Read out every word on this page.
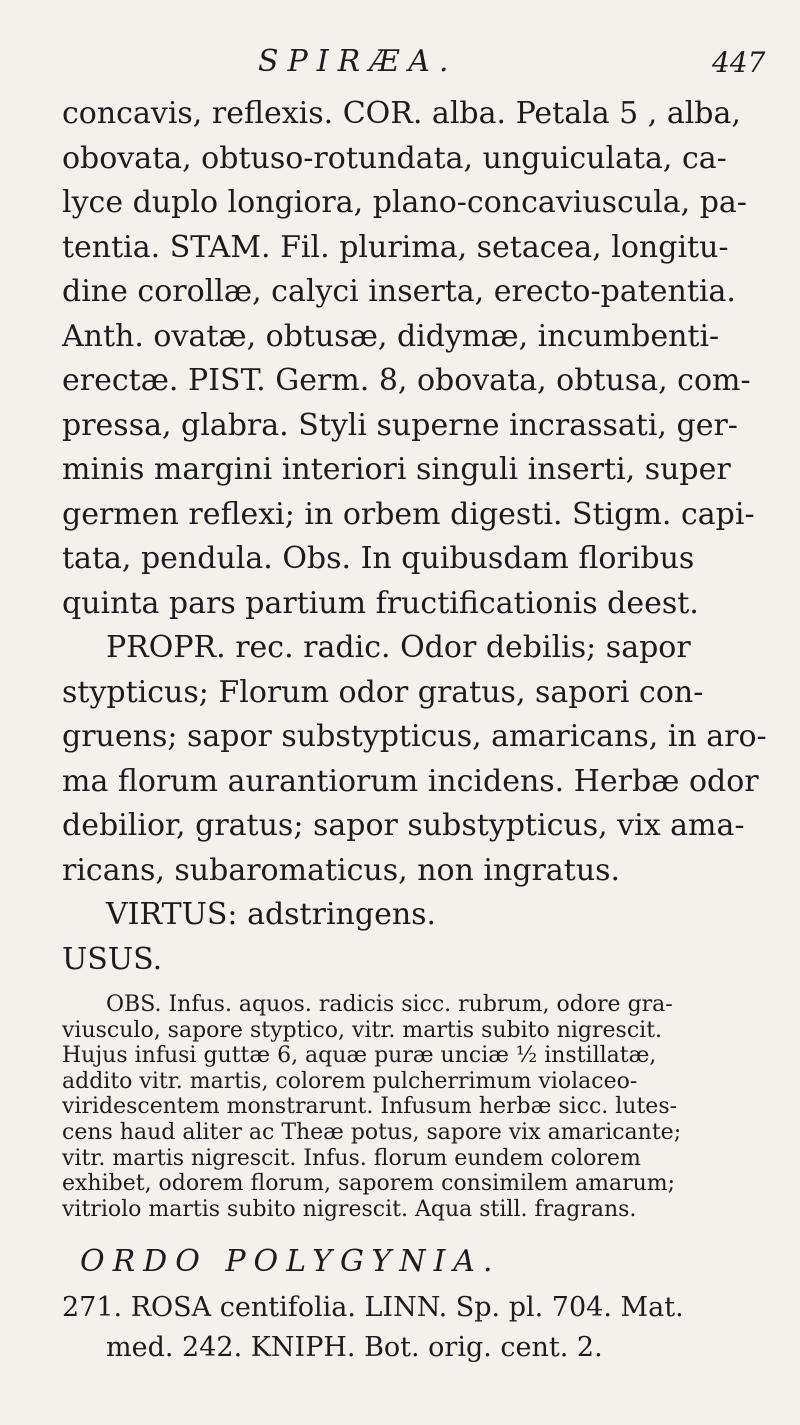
SPIRÆA.	447
concavis, reflexis. COR. alba. Petala 5 , alba,
obovata, obtuso-rotundata, unguiculata, ca-
lyce duplo longiora, plano-concaviuscula, pa-
tentia. STAM. Fil. plurima, setacea, longitu-
dine corollæ, calyci inserta, erecto-patentia.
Anth. ovatæ, obtusæ, didymæ, incumbenti-
erectæ. PIST. Germ. 8, obovata, obtusa, com-
pressa, glabra. Styli superne incrassati, ger-
minis margini interiori singuli inserti, super
germen reflexi; in orbem digesti. Stigm. capi-
tata, pendula. Obs. In quibusdam floribus
quinta pars partium fructificationis deest.
PROPR. rec. radic. Odor debilis; sapor
stypticus; Florum odor gratus, sapori con-
gruens; sapor substypticus, amaricans, in aro-
ma florum aurantiorum incidens. Herbæ odor
debilior, gratus; sapor substypticus, vix ama-
ricans, subaromaticus, non ingratus.
VIRTUS: adstringens.
USUS.
OBS. Infus. aquos. radicis sicc. rubrum, odore gra-
viusculo, sapore styptico, vitr. martis subito nigrescit.
Hujus infusi guttæ 6, aquæ puræ unciæ ½ instillatæ,
addito vitr. martis, colorem pulcherrimum violaceo-
viridescentem monstrarunt. Infusum herbæ sicc. lutes-
cens haud aliter ac Theæ potus, sapore vix amaricante;
vitr. martis nigrescit. Infus. florum eundem colorem
exhibet, odorem florum, saporem consimilem amarum;
vitriolo martis subito nigrescit. Aqua still. fragrans.
ORDO POLYGYNIA.
271. ROSA centifolia. LINN. Sp. pl. 704. Mat.
med. 242. KNIPH. Bot. orig. cent. 2.
